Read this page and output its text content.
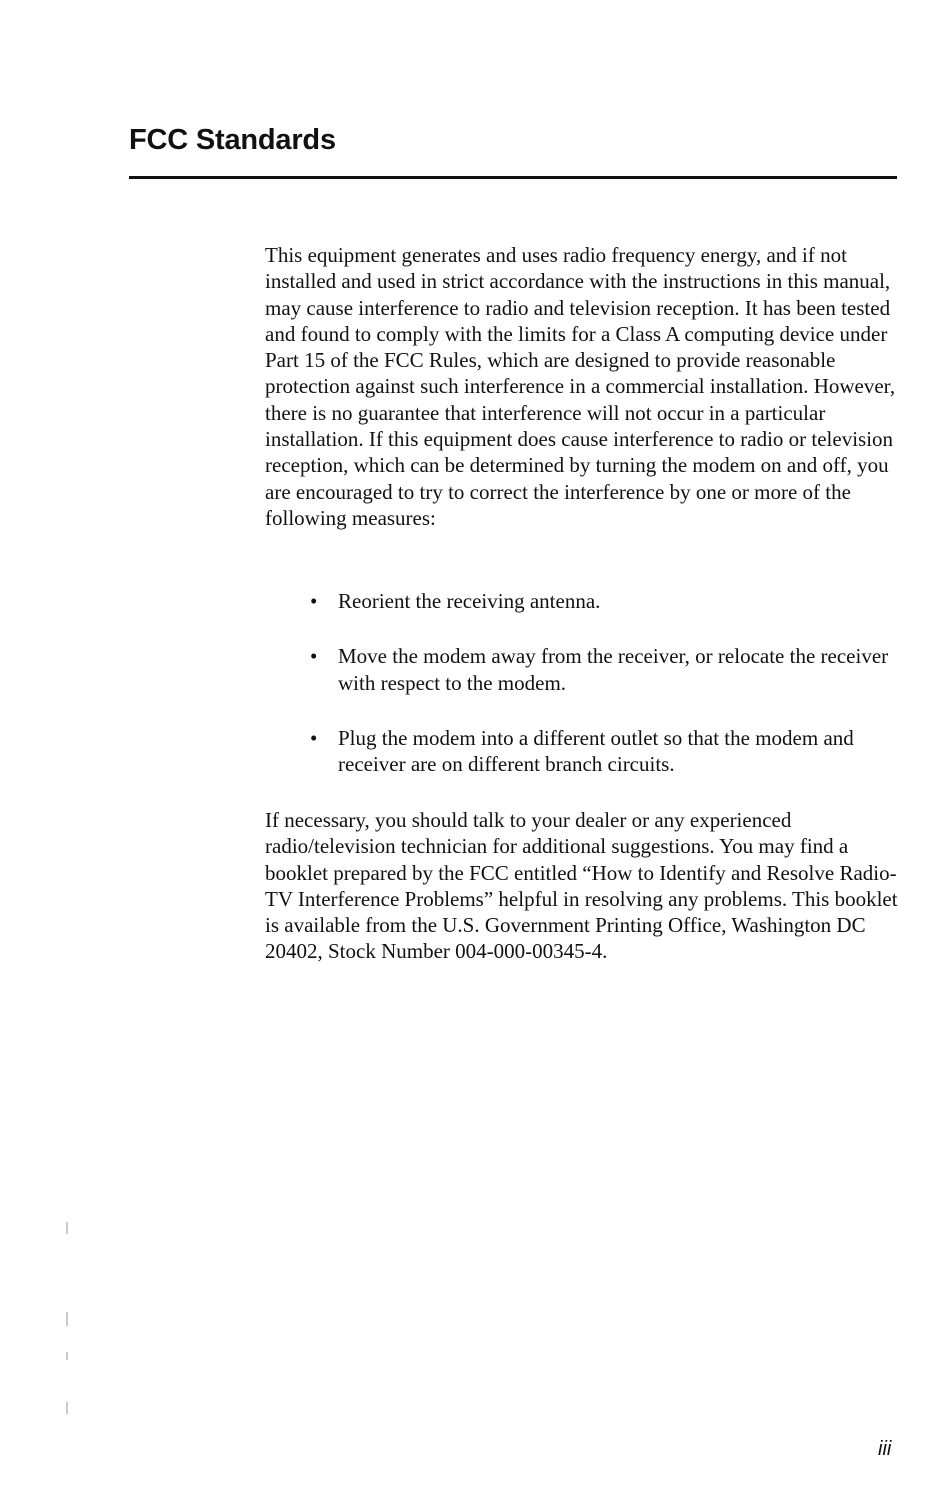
FCC Standards

This equipment generates and uses radio frequency energy, and if not installed and used in strict accordance with the instructions in this manual, may cause interference to radio and television reception. It has been tested and found to comply with the limits for a Class A computing device under Part 15 of the FCC Rules, which are designed to provide reasonable protection against such interference in a commercial installation. However, there is no guarantee that interference will not occur in a particular installation. If this equipment does cause interference to radio or television reception, which can be determined by turning the modem on and off, you are encouraged to try to correct the interference by one or more of the following measures:

• Reorient the receiving antenna.
• Move the modem away from the receiver, or relocate the receiver with respect to the modem.
• Plug the modem into a different outlet so that the modem and receiver are on different branch circuits.

If necessary, you should talk to your dealer or any experienced radio/television technician for additional suggestions. You may find a booklet prepared by the FCC entitled “How to Identify and Resolve Radio-TV Interference Problems” helpful in resolving any problems. This booklet is available from the U.S. Government Printing Office, Washington DC 20402, Stock Number 004-000-00345-4.

iii
